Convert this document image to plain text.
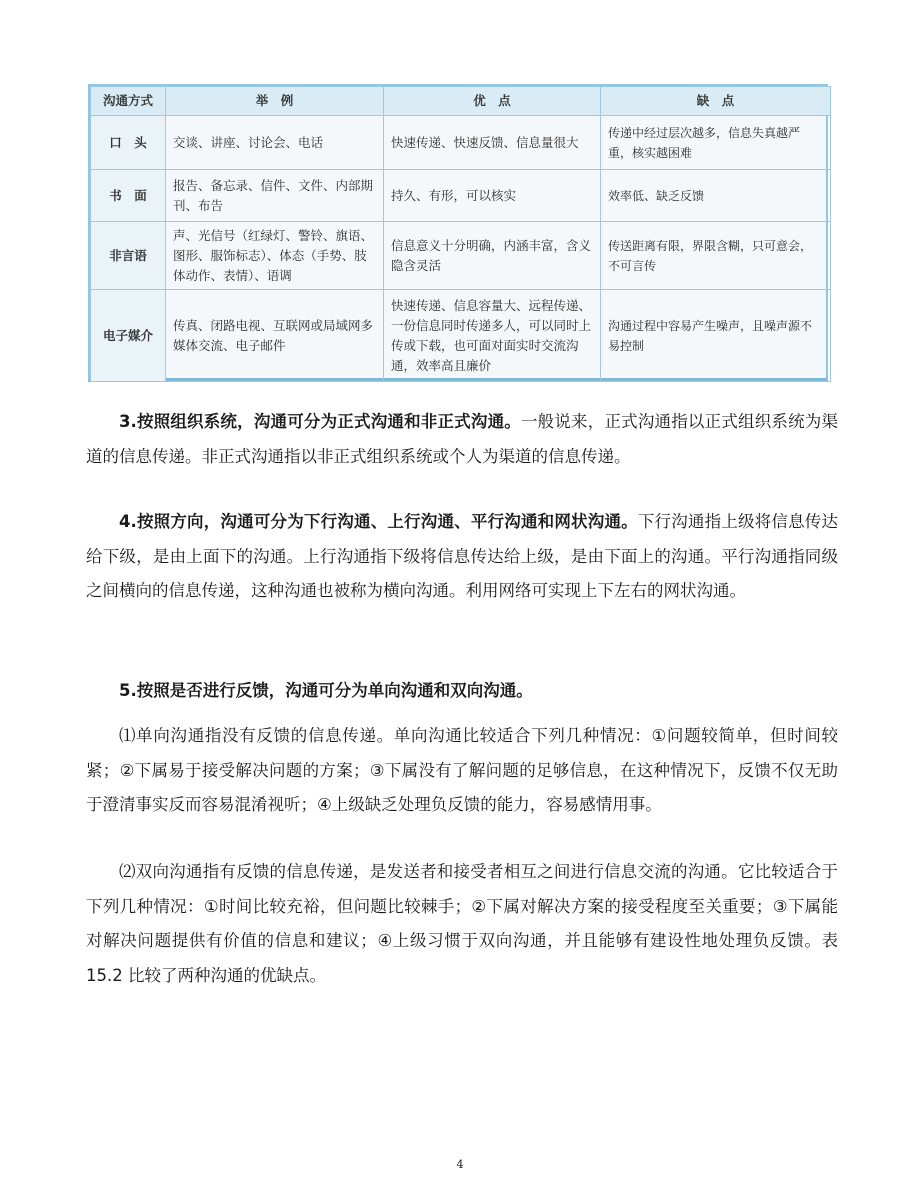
沟通方式	举　例	优　点	缺　点
口　头	交谈、讲座、讨论会、电话	快速传递、快速反馈、信息量很大	传递中经过层次越多，信息失真越严重，核实越困难
书　面	报告、备忘录、信件、文件、内部期刊、布告	持久、有形，可以核实	效率低、缺乏反馈
非言语	声、光信号（红绿灯、警铃、旗语、图形、服饰标志）、体态（手势、肢体动作、表情）、语调	信息意义十分明确，内涵丰富，含义隐含灵活	传送距离有限，界限含糊，只可意会，不可言传
电子媒介	传真、闭路电视、互联网或局域网多媒体交流、电子邮件	快速传递、信息容量大、远程传递、一份信息同时传递多人，可以同时上传或下载，也可面对面实时交流沟通，效率高且廉价	沟通过程中容易产生噪声，且噪声源不易控制

3.按照组织系统，沟通可分为正式沟通和非正式沟通。一般说来，正式沟通指以正式组织系统为渠道的信息传递。非正式沟通指以非正式组织系统或个人为渠道的信息传递。

4.按照方向，沟通可分为下行沟通、上行沟通、平行沟通和网状沟通。下行沟通指上级将信息传达给下级，是由上面下的沟通。上行沟通指下级将信息传达给上级，是由下面上的沟通。平行沟通指同级之间横向的信息传递，这种沟通也被称为横向沟通。利用网络可实现上下左右的网状沟通。

5.按照是否进行反馈，沟通可分为单向沟通和双向沟通。

⑴单向沟通指没有反馈的信息传递。单向沟通比较适合下列几种情况：①问题较简单，但时间较紧；②下属易于接受解决问题的方案；③下属没有了解问题的足够信息，在这种情况下，反馈不仅无助于澄清事实反而容易混淆视听；④上级缺乏处理负反馈的能力，容易感情用事。

⑵双向沟通指有反馈的信息传递，是发送者和接受者相互之间进行信息交流的沟通。它比较适合于下列几种情况：①时间比较充裕，但问题比较棘手；②下属对解决方案的接受程度至关重要；③下属能对解决问题提供有价值的信息和建议；④上级习惯于双向沟通，并且能够有建设性地处理负反馈。表 15.2 比较了两种沟通的优缺点。

4
